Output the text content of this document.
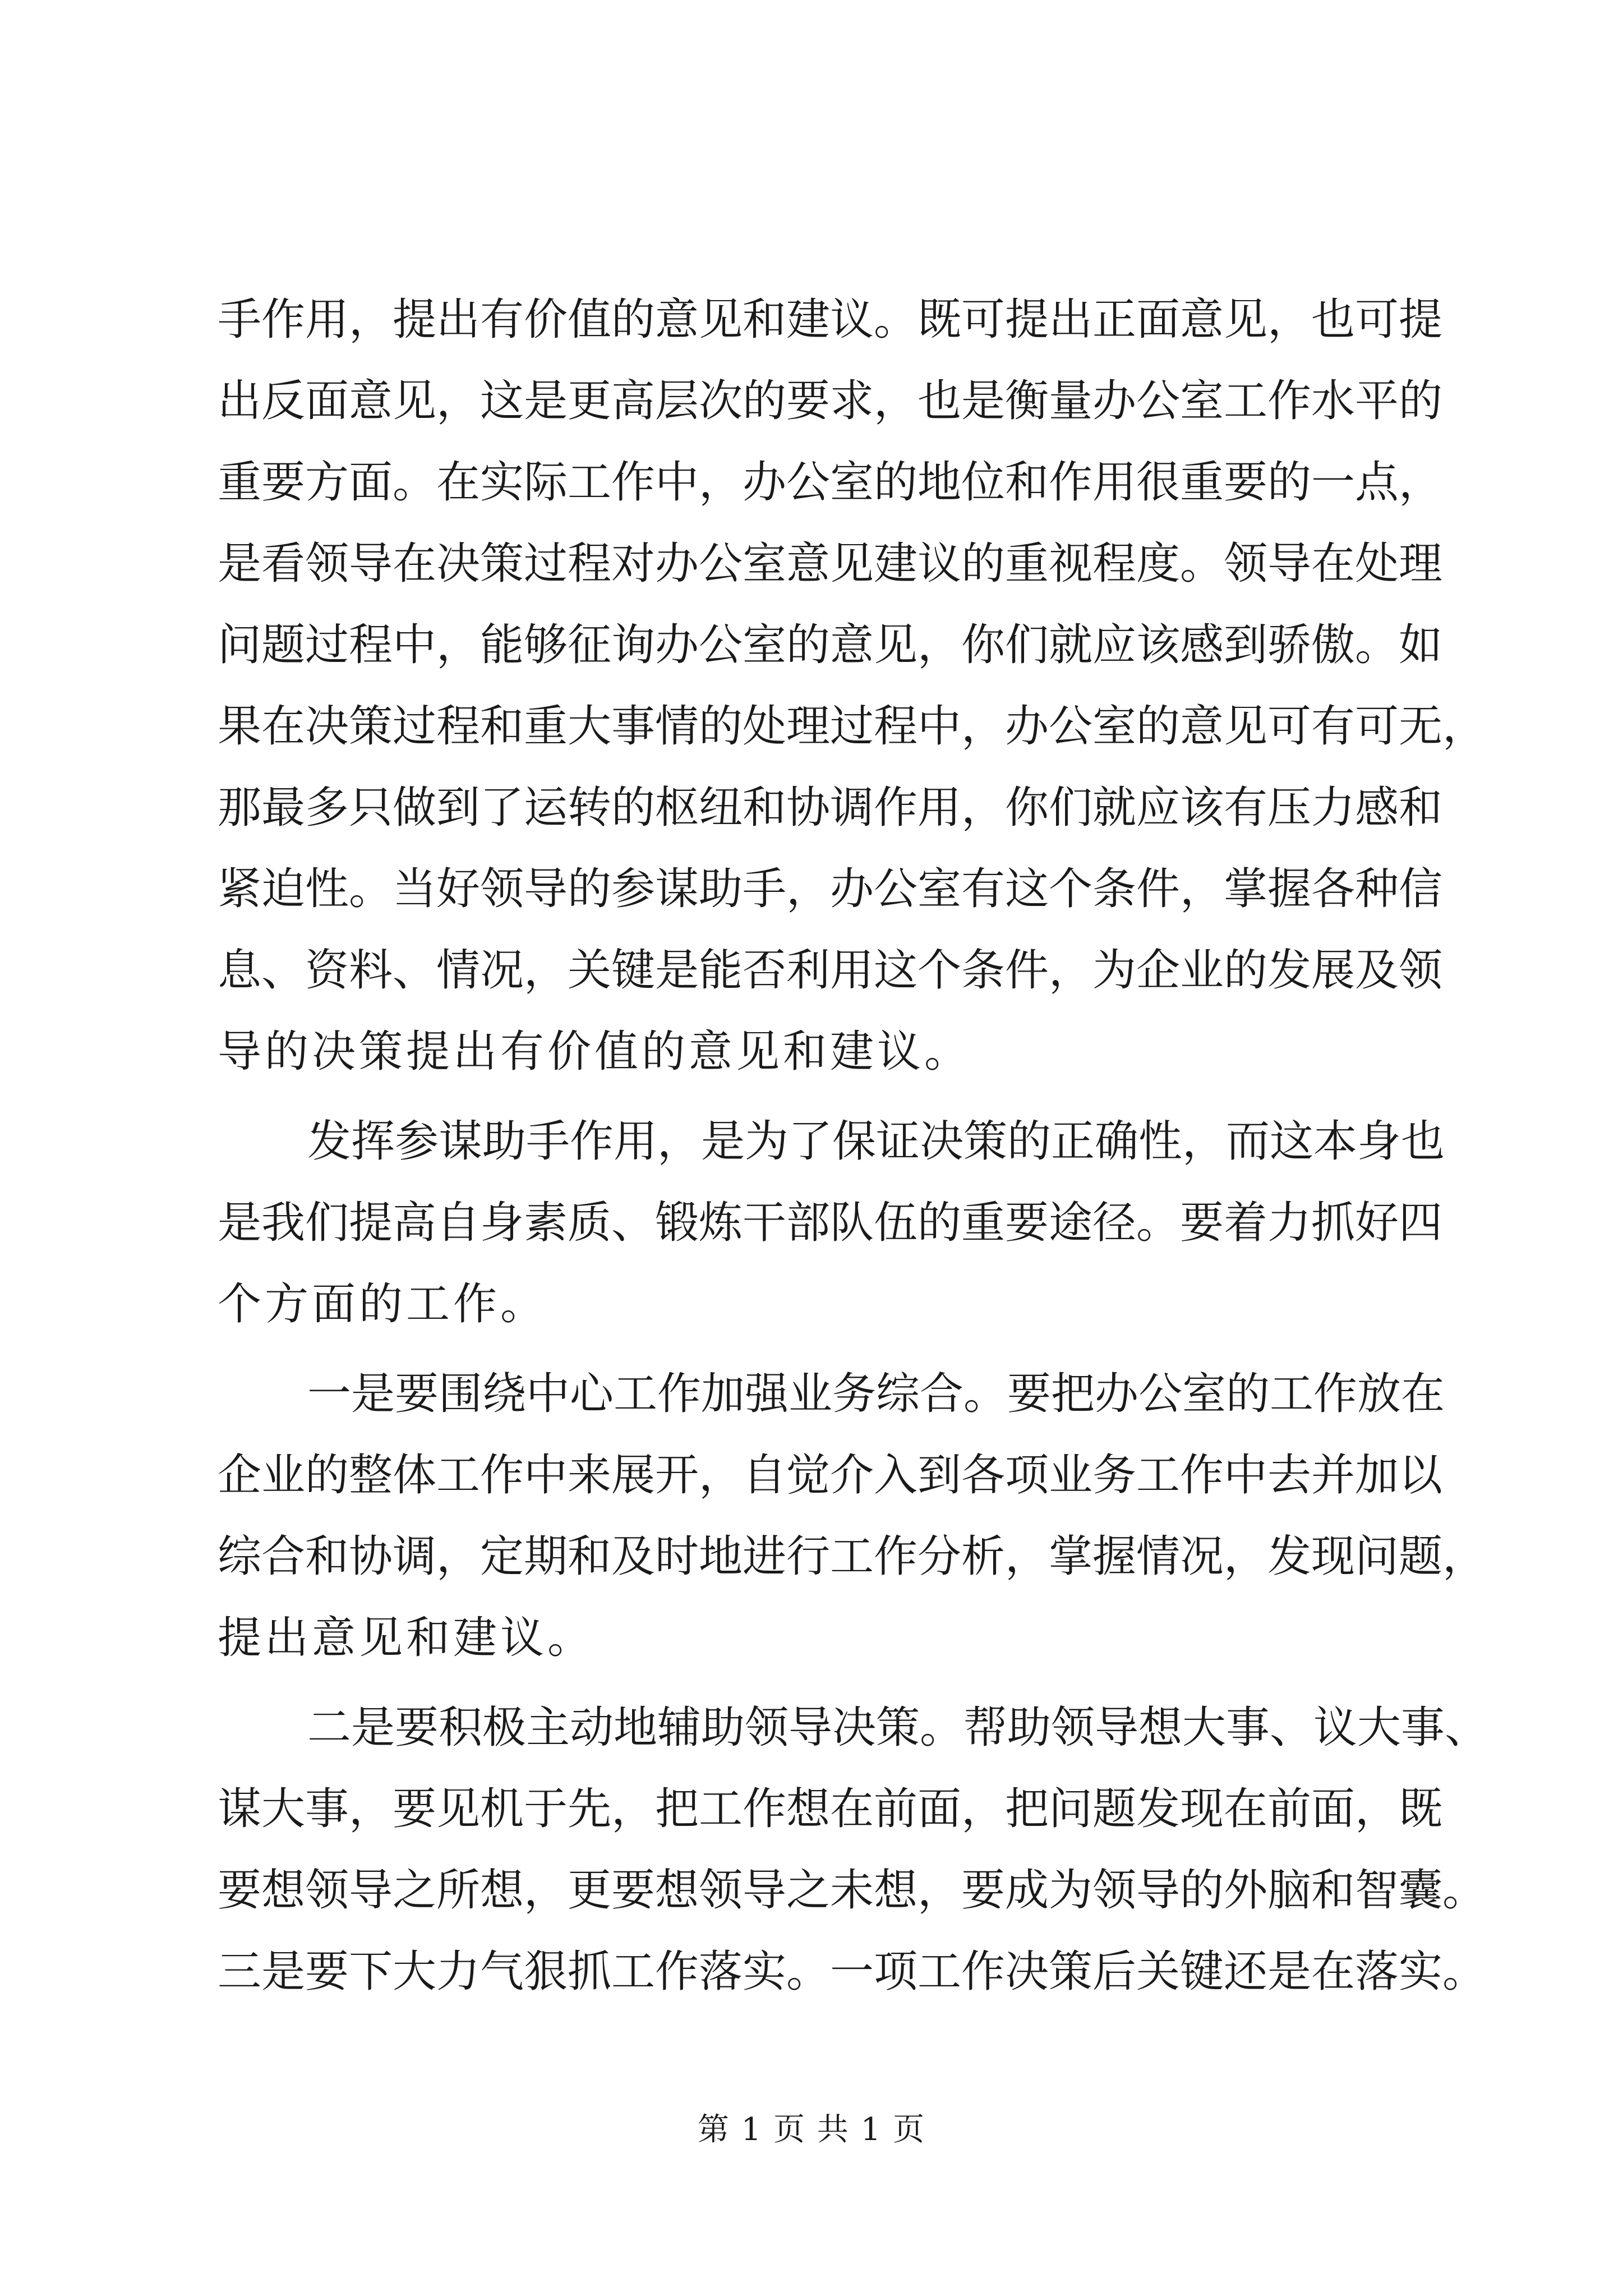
手作用，提出有价值的意见和建议。既可提出正面意见，也可提
出反面意见，这是更高层次的要求，也是衡量办公室工作水平的
重要方面。在实际工作中，办公室的地位和作用很重要的一点，
是看领导在决策过程对办公室意见建议的重视程度。领导在处理
问题过程中，能够征询办公室的意见，你们就应该感到骄傲。如
果在决策过程和重大事情的处理过程中，办公室的意见可有可无，
那最多只做到了运转的枢纽和协调作用，你们就应该有压力感和
紧迫性。当好领导的参谋助手，办公室有这个条件，掌握各种信
息、资料、情况，关键是能否利用这个条件，为企业的发展及领
导的决策提出有价值的意见和建议。
发挥参谋助手作用，是为了保证决策的正确性，而这本身也
是我们提高自身素质、锻炼干部队伍的重要途径。要着力抓好四
个方面的工作。
一是要围绕中心工作加强业务综合。要把办公室的工作放在
企业的整体工作中来展开，自觉介入到各项业务工作中去并加以
综合和协调，定期和及时地进行工作分析，掌握情况，发现问题，
提出意见和建议。
二是要积极主动地辅助领导决策。帮助领导想大事、议大事、
谋大事，要见机于先，把工作想在前面，把问题发现在前面，既
要想领导之所想，更要想领导之未想，要成为领导的外脑和智囊。
三是要下大力气狠抓工作落实。一项工作决策后关键还是在落实。
第 1 页 共 1 页
